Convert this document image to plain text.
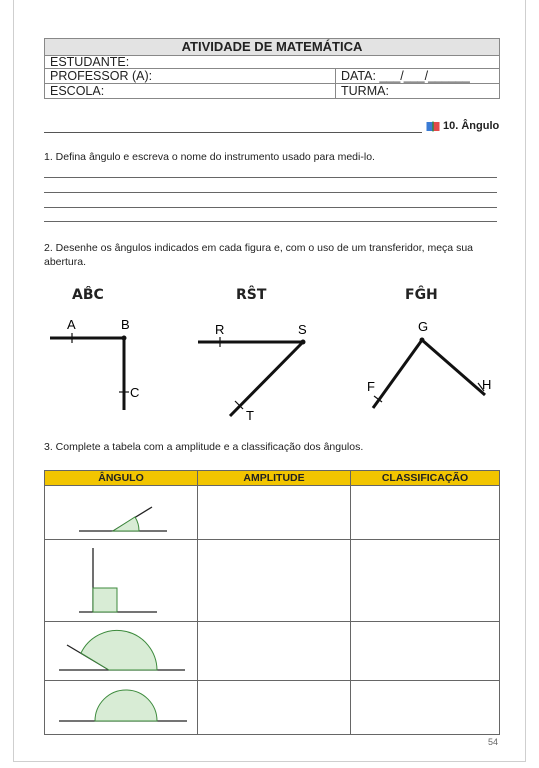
ATIVIDADE DE MATEMÁTICA	
ESTUDANTE:	
PROFESSOR (A):	DATA: ___/___/______
ESCOLA:	TURMA:
10. Ângulo
1. Defina ângulo e escreva o nome do instrumento usado para medi-lo.
2. Desenhe os ângulos indicados em cada figura e, com o uso de um transferidor, meça sua abertura.
AB̂C	RŜT	FĜH
A	B
C
R	S
T
G
F	H
3. Complete a tabela com a amplitude e a classificação dos ângulos.
ÂNGULO	AMPLITUDE	CLASSIFICAÇÃO

54
